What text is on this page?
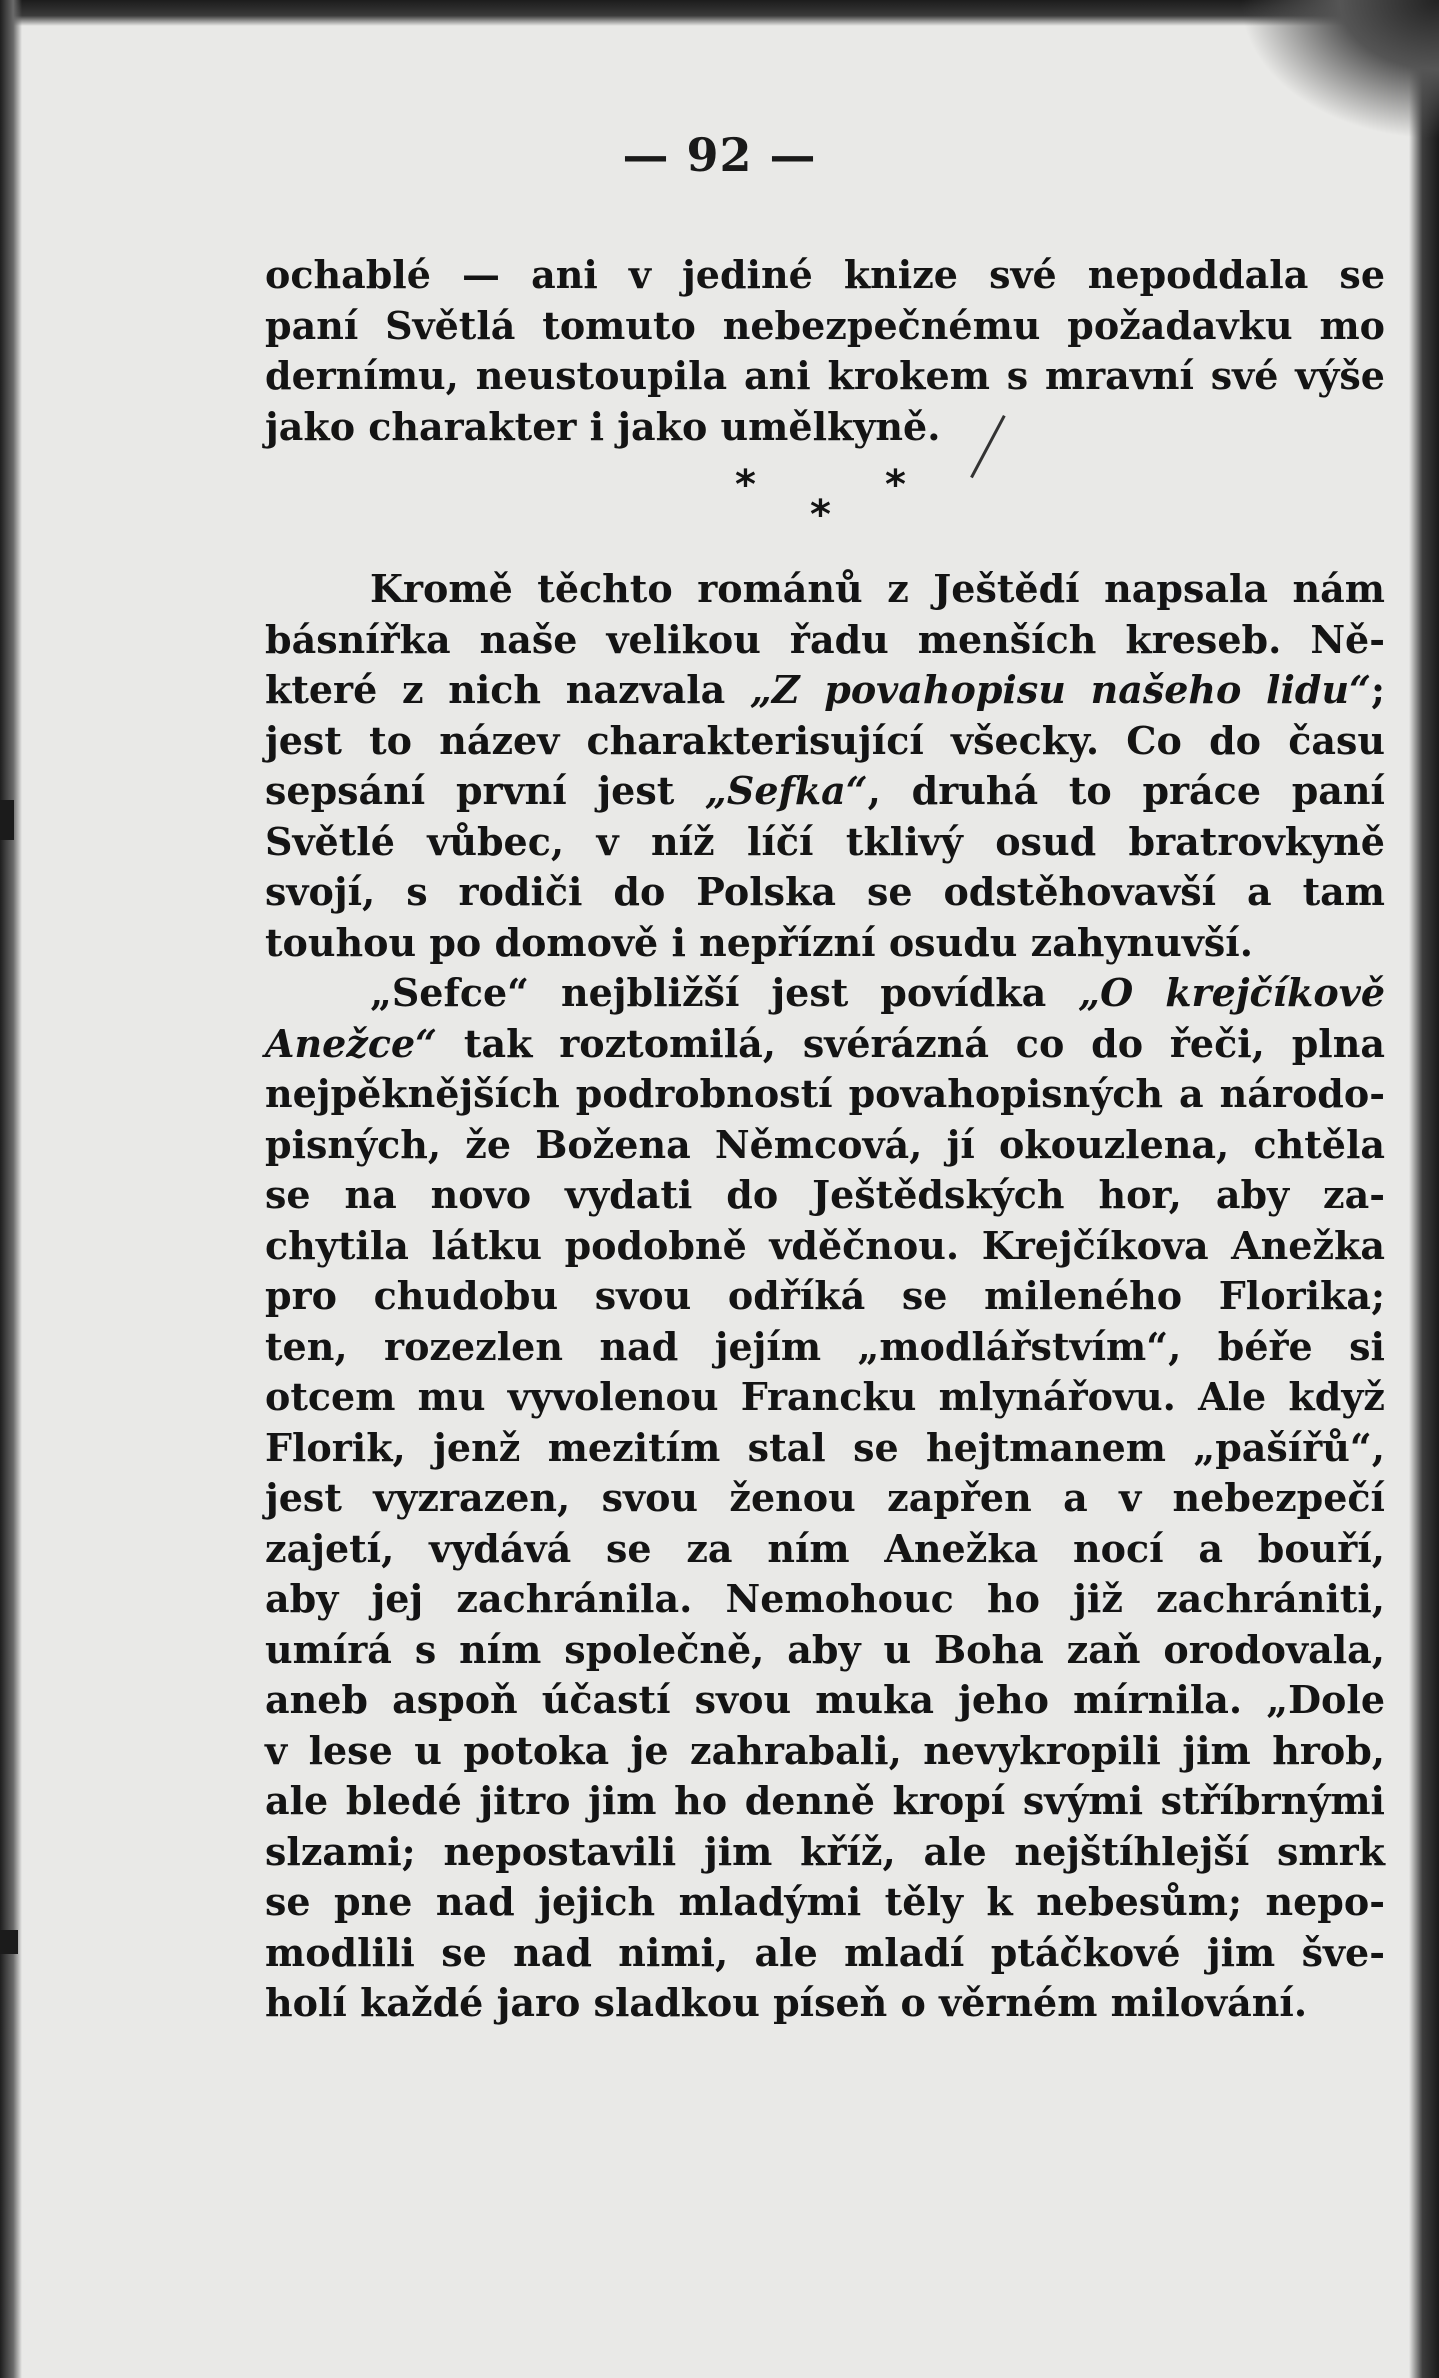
— 92 —
ochablé — ani v jediné knize své nepoddala se
paní Světlá tomuto nebezpečnému požadavku mo
dernímu, neustoupila ani krokem s mravní své výše
jako charakter i jako umělkyně.
*
*
*
Kromě těchto románů z Ještědí napsala nám
básnířka naše velikou řadu menších kreseb. Ně-
které z nich nazvala „Z povahopisu našeho lidu“;
jest to název charakterisující všecky. Co do času
sepsání první jest „Sefka“, druhá to práce paní
Světlé vůbec, v níž líčí tklivý osud bratrovkyně
svojí, s rodiči do Polska se odstěhovavší a tam
touhou po domově i nepřízní osudu zahynuvší.
„Sefce“ nejbližší jest povídka „O krejčíkově
Anežce“ tak roztomilá, svérázná co do řeči, plna
nejpěknějších podrobností povahopisných a národo-
pisných, že Božena Němcová, jí okouzlena, chtěla
se na novo vydati do Ještědských hor, aby za-
chytila látku podobně vděčnou. Krejčíkova Anežka
pro chudobu svou odříká se mileného Florika;
ten, rozezlen nad jejím „modlářstvím“, béře si
otcem mu vyvolenou Francku mlynářovu. Ale když
Florik, jenž mezitím stal se hejtmanem „pašířů“,
jest vyzrazen, svou ženou zapřen a v nebezpečí
zajetí, vydává se za ním Anežka nocí a bouří,
aby jej zachránila. Nemohouc ho již zachrániti,
umírá s ním společně, aby u Boha zaň orodovala,
aneb aspoň účastí svou muka jeho mírnila. „Dole
v lese u potoka je zahrabali, nevykropili jim hrob,
ale bledé jitro jim ho denně kropí svými stříbrnými
slzami; nepostavili jim kříž, ale nejštíhlejší smrk
se pne nad jejich mladými těly k nebesům; nepo-
modlili se nad nimi, ale mladí ptáčkové jim šve-
holí každé jaro sladkou píseň o věrném milování.
